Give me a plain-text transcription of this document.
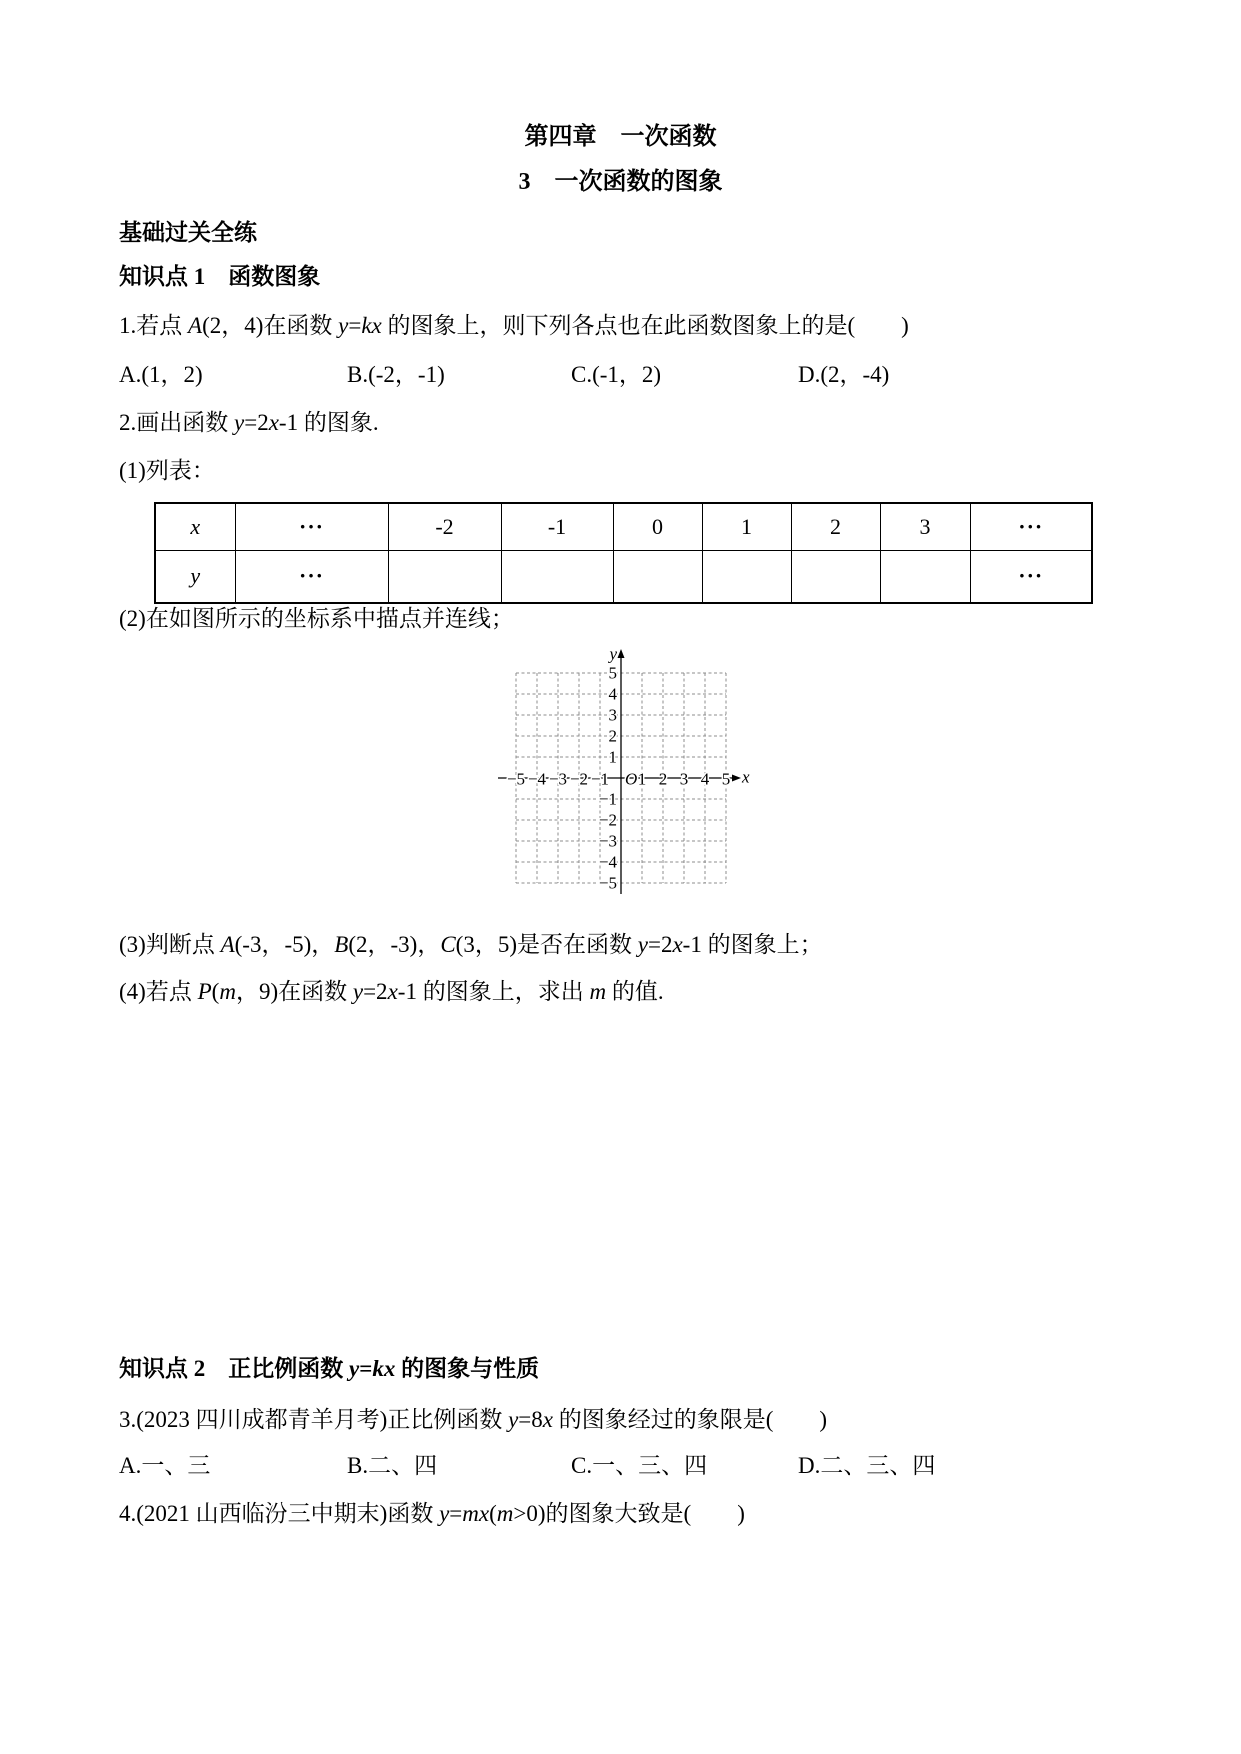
第四章    一次函数
3    一次函数的图象
基础过关全练
知识点 1    函数图象
1.若点 A(2，4)在函数 y=kx 的图象上，则下列各点也在此函数图象上的是(        )

A.(1，2)

	B.(-2，-1)

	C.(-1，2)

	D.(2，-4)

2.画出函数 y=2x-1 的图象.
(1)列表：
x	···	-2	-1	0	1	2	3	···
y	···							···
(2)在如图所示的坐标系中描点并连线；
−5 −4 −3 −2 −1 1 2 3 4 5
5
4
3
2
1
−1
−2
−3
−4
−5
O	x
y
(3)判断点 A(-3，-5)，B(2，-3)，C(3，5)是否在函数 y=2x-1 的图象上；
(4)若点 P(m，9)在函数 y=2x-1 的图象上，求出 m 的值.
知识点 2    正比例函数 y=kx 的图象与性质
3.(2023 四川成都青羊月考)正比例函数 y=8x 的图象经过的象限是(        )

A.一、三

	B.二、四

	C.一、三、四

	D.二、三、四

4.(2021 山西临汾三中期末)函数 y=mx(m>0)的图象大致是(        )
